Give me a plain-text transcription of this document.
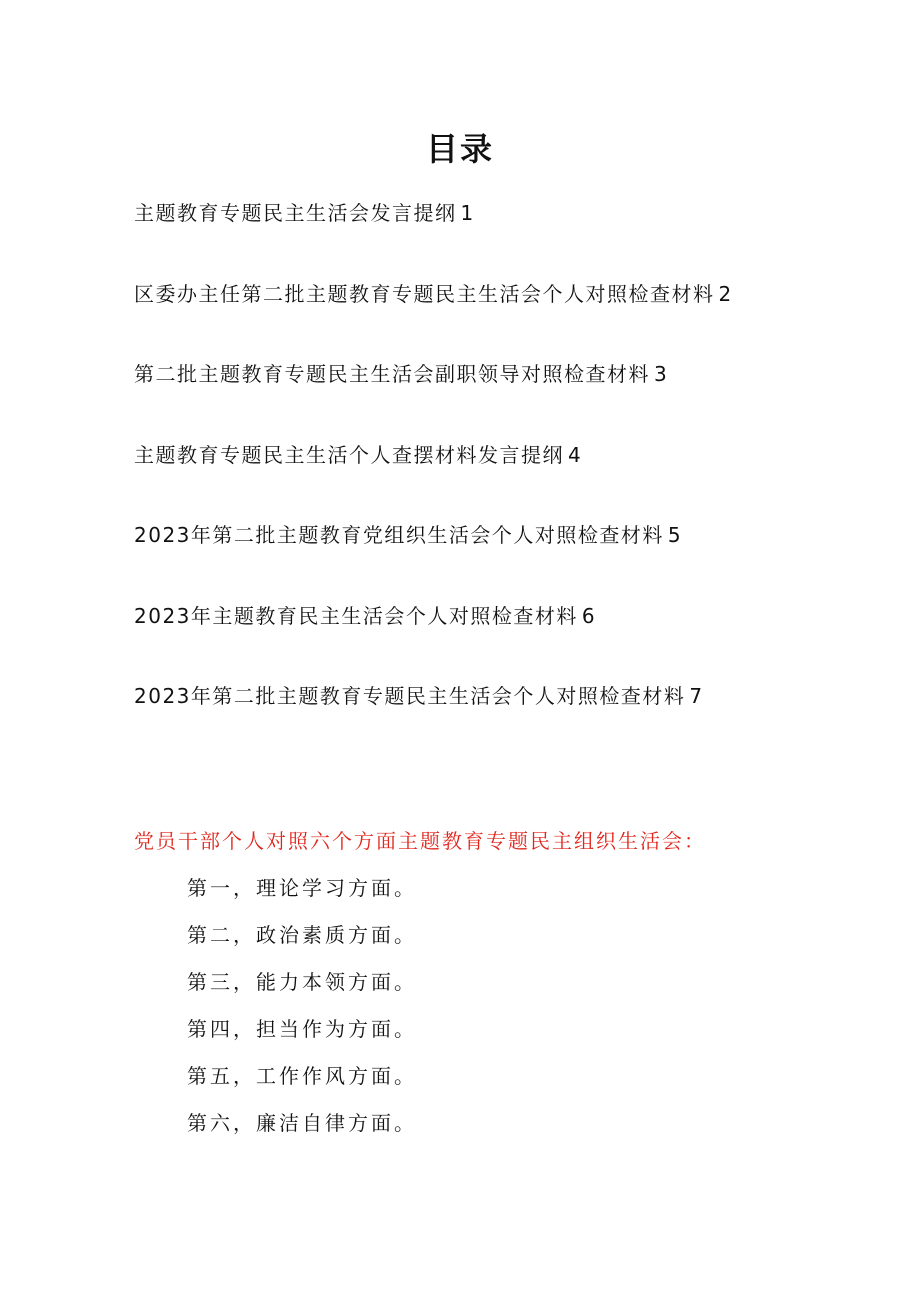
目录
主题教育专题民主生活会发言提纲 1
区委办主任第二批主题教育专题民主生活会个人对照检查材料 2
第二批主题教育专题民主生活会副职领导对照检查材料 3
主题教育专题民主生活个人查摆材料发言提纲 4
2023年第二批主题教育党组织生活会个人对照检查材料 5
2023年主题教育民主生活会个人对照检查材料 6
2023年第二批主题教育专题民主生活会个人对照检查材料 7

党员干部个人对照六个方面主题教育专题民主组织生活会：

第一，理论学习方面。
第二，政治素质方面。
第三，能力本领方面。
第四，担当作为方面。
第五，工作作风方面。
第六，廉洁自律方面。
